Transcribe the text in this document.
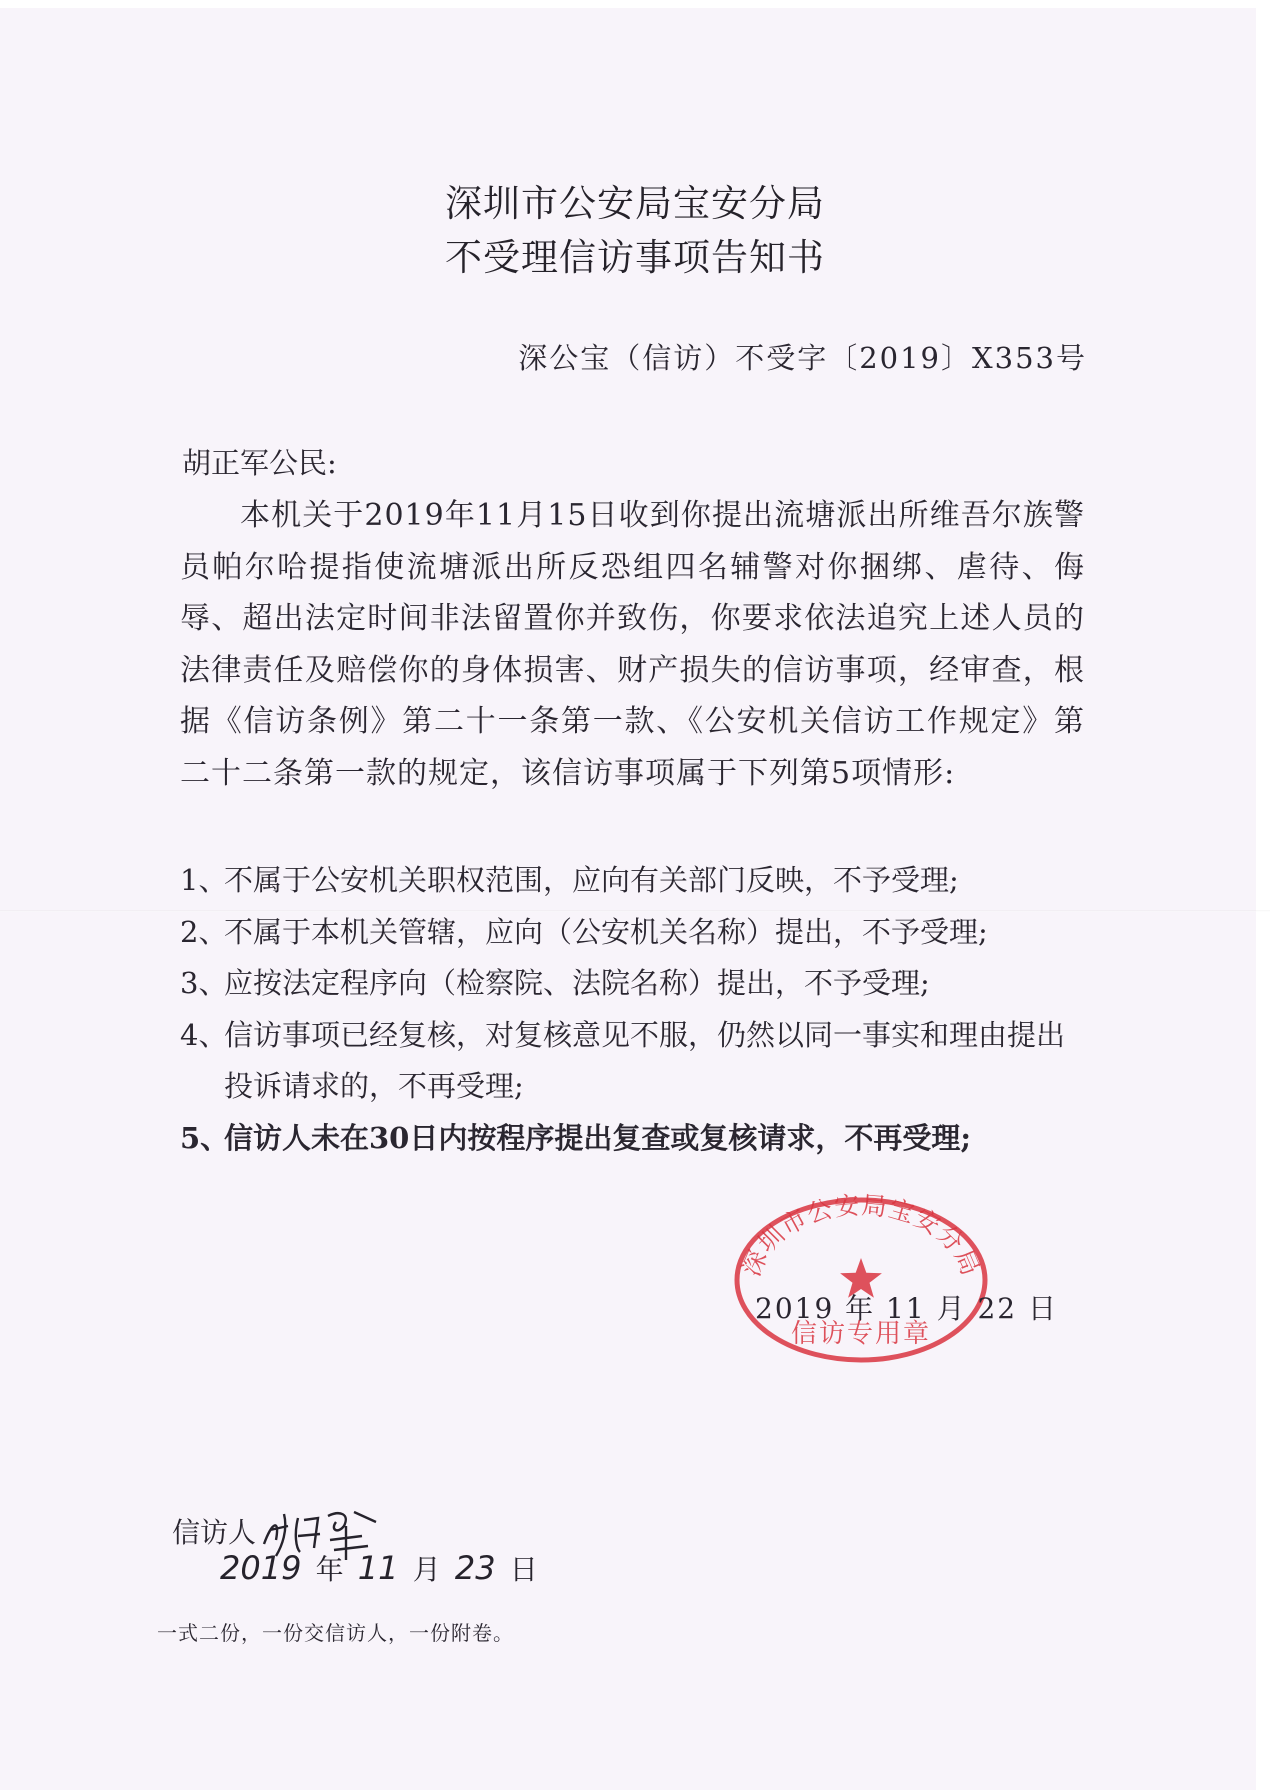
深圳市公安局宝安分局
不受理信访事项告知书
深公宝（信访）不受字〔2019〕X353号
胡正军公民:
本机关于2019年11月15日收到你提出流塘派出所维吾尔族警员帕尔哈提指使流塘派出所反恐组四名辅警对你捆绑、虐待、侮辱、超出法定时间非法留置你并致伤，你要求依法追究上述人员的法律责任及赔偿你的身体损害、财产损失的信访事项，经审查，根据《信访条例》第二十一条第一款、《公安机关信访工作规定》第二十二条第一款的规定，该信访事项属于下列第5项情形:
1、
不属于公安机关职权范围，应向有关部门反映，不予受理;
2、
不属于本机关管辖，应向（公安机关名称）提出，不予受理;
3、
应按法定程序向（检察院、法院名称）提出，不予受理;
4、
信访事项已经复核，对复核意见不服，仍然以同一事实和理由提出投诉请求的，不再受理;
5、
信访人未在30日内按程序提出复查或复核请求，不再受理;
深圳市公安局宝安分局
信访专用章
2019 年 11 月 22 日
信访人
2019 年 11 月 23 日
一式二份，一份交信访人，一份附卷。
